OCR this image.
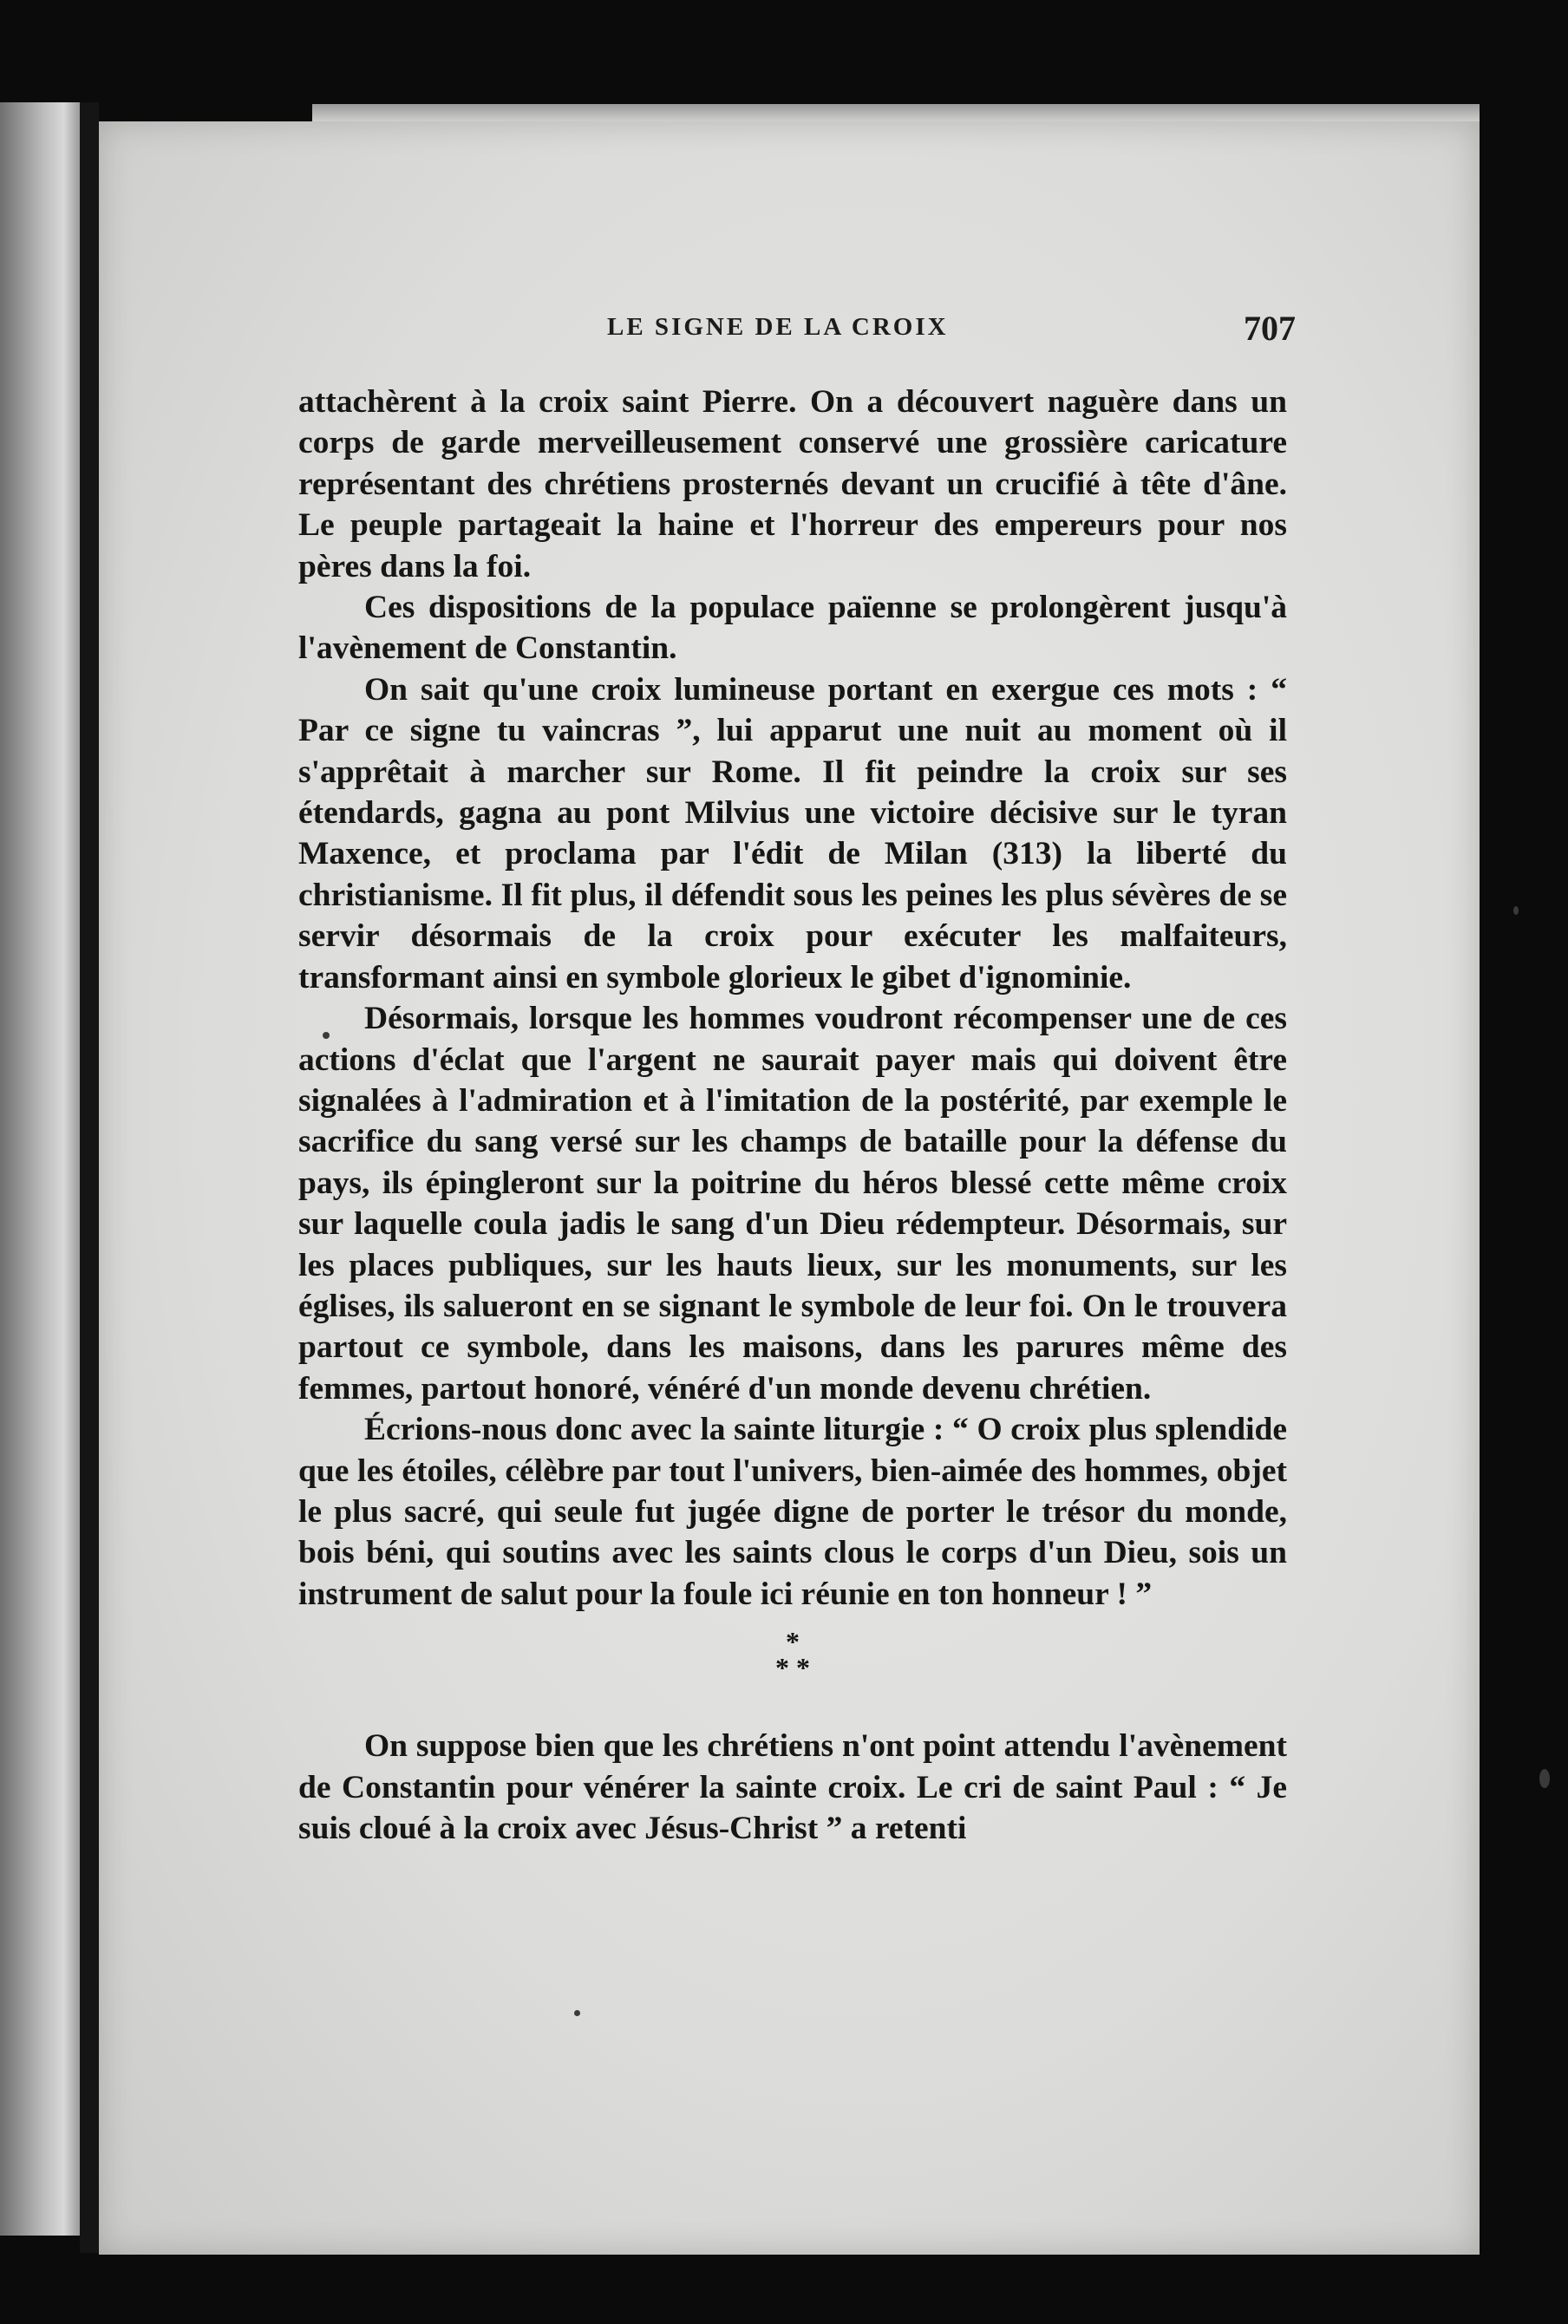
LE SIGNE DE LA CROIX	707

attachèrent à la croix saint Pierre. On a découvert naguère dans un corps de garde merveilleusement conservé une grossière caricature représentant des chrétiens prosternés devant un crucifié à tête d'âne. Le peuple partageait la haine et l'horreur des empereurs pour nos pères dans la foi.

Ces dispositions de la populace païenne se prolongèrent jusqu'à l'avènement de Constantin.

On sait qu'une croix lumineuse portant en exergue ces mots : “ Par ce signe tu vaincras ”, lui apparut une nuit au moment où il s'apprêtait à marcher sur Rome. Il fit peindre la croix sur ses étendards, gagna au pont Milvius une victoire décisive sur le tyran Maxence, et proclama par l'édit de Milan (313) la liberté du christianisme. Il fit plus, il défendit sous les peines les plus sévères de se servir désormais de la croix pour exécuter les malfaiteurs, transformant ainsi en symbole glorieux le gibet d'ignominie.

Désormais, lorsque les hommes voudront récompenser une de ces actions d'éclat que l'argent ne saurait payer mais qui doivent être signalées à l'admiration et à l'imitation de la postérité, par exemple le sacrifice du sang versé sur les champs de bataille pour la défense du pays, ils épingleront sur la poitrine du héros blessé cette même croix sur laquelle coula jadis le sang d'un Dieu rédempteur. Désormais, sur les places publiques, sur les hauts lieux, sur les monuments, sur les églises, ils salueront en se signant le symbole de leur foi. On le trouvera partout ce symbole, dans les maisons, dans les parures même des femmes, partout honoré, vénéré d'un monde devenu chrétien.

Écrions-nous donc avec la sainte liturgie : “ O croix plus splendide que les étoiles, célèbre par tout l'univers, bien-aimée des hommes, objet le plus sacré, qui seule fut jugée digne de porter le trésor du monde, bois béni, qui soutins avec les saints clous le corps d'un Dieu, sois un instrument de salut pour la foule ici réunie en ton honneur ! ”

*
* *

On suppose bien que les chrétiens n'ont point attendu l'avènement de Constantin pour vénérer la sainte croix. Le cri de saint Paul : “ Je suis cloué à la croix avec Jésus-Christ ” a retenti
